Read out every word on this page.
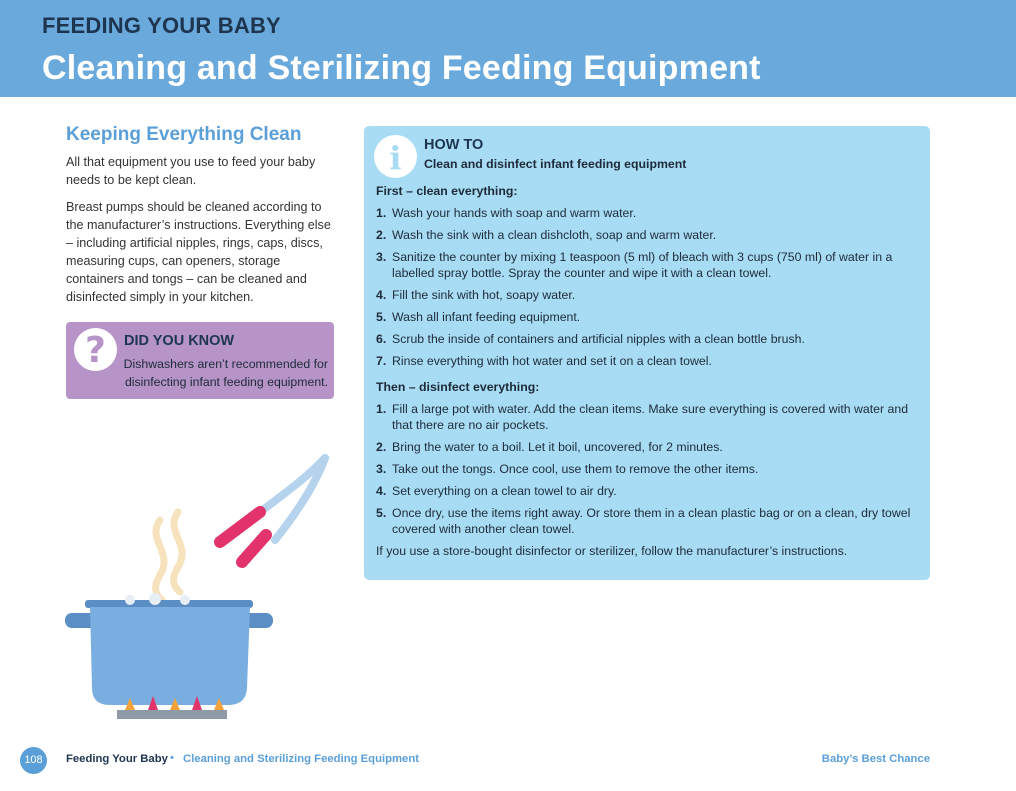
FEEDING YOUR BABY
Cleaning and Sterilizing Feeding Equipment
Keeping Everything Clean

All that equipment you use to feed your baby needs to be kept clean.

Breast pumps should be cleaned according to the manufacturer’s instructions. Everything else – including artificial nipples, rings, caps, discs, measuring cups, can openers, storage containers and tongs – can be cleaned and disinfected simply in your kitchen.

?	DID YOU KNOW
Dishwashers aren’t recommended for disinfecting infant feeding equipment.
i	HOW TO
Clean and disinfect infant feeding equipment
First – clean everything:
1. Wash your hands with soap and warm water.
2. Wash the sink with a clean dishcloth, soap and warm water.
3. Sanitize the counter by mixing 1 teaspoon (5 ml) of bleach with 3 cups (750 ml) of water in a labelled spray bottle. Spray the counter and wipe it with a clean towel.
4. Fill the sink with hot, soapy water.
5. Wash all infant feeding equipment.
6. Scrub the inside of containers and artificial nipples with a clean bottle brush.
7. Rinse everything with hot water and set it on a clean towel.
Then – disinfect everything:
1. Fill a large pot with water. Add the clean items. Make sure everything is covered with water and that there are no air pockets.
2. Bring the water to a boil. Let it boil, uncovered, for 2 minutes.
3. Take out the tongs. Once cool, use them to remove the other items.
4. Set everything on a clean towel to air dry.
5. Once dry, use the items right away. Or store them in a clean plastic bag or on a clean, dry towel covered with another clean towel.

If you use a store-bought disinfector or sterilizer, follow the manufacturer’s instructions.

108	Feeding Your Baby • Cleaning and Sterilizing Feeding Equipment	Baby’s Best Chance
